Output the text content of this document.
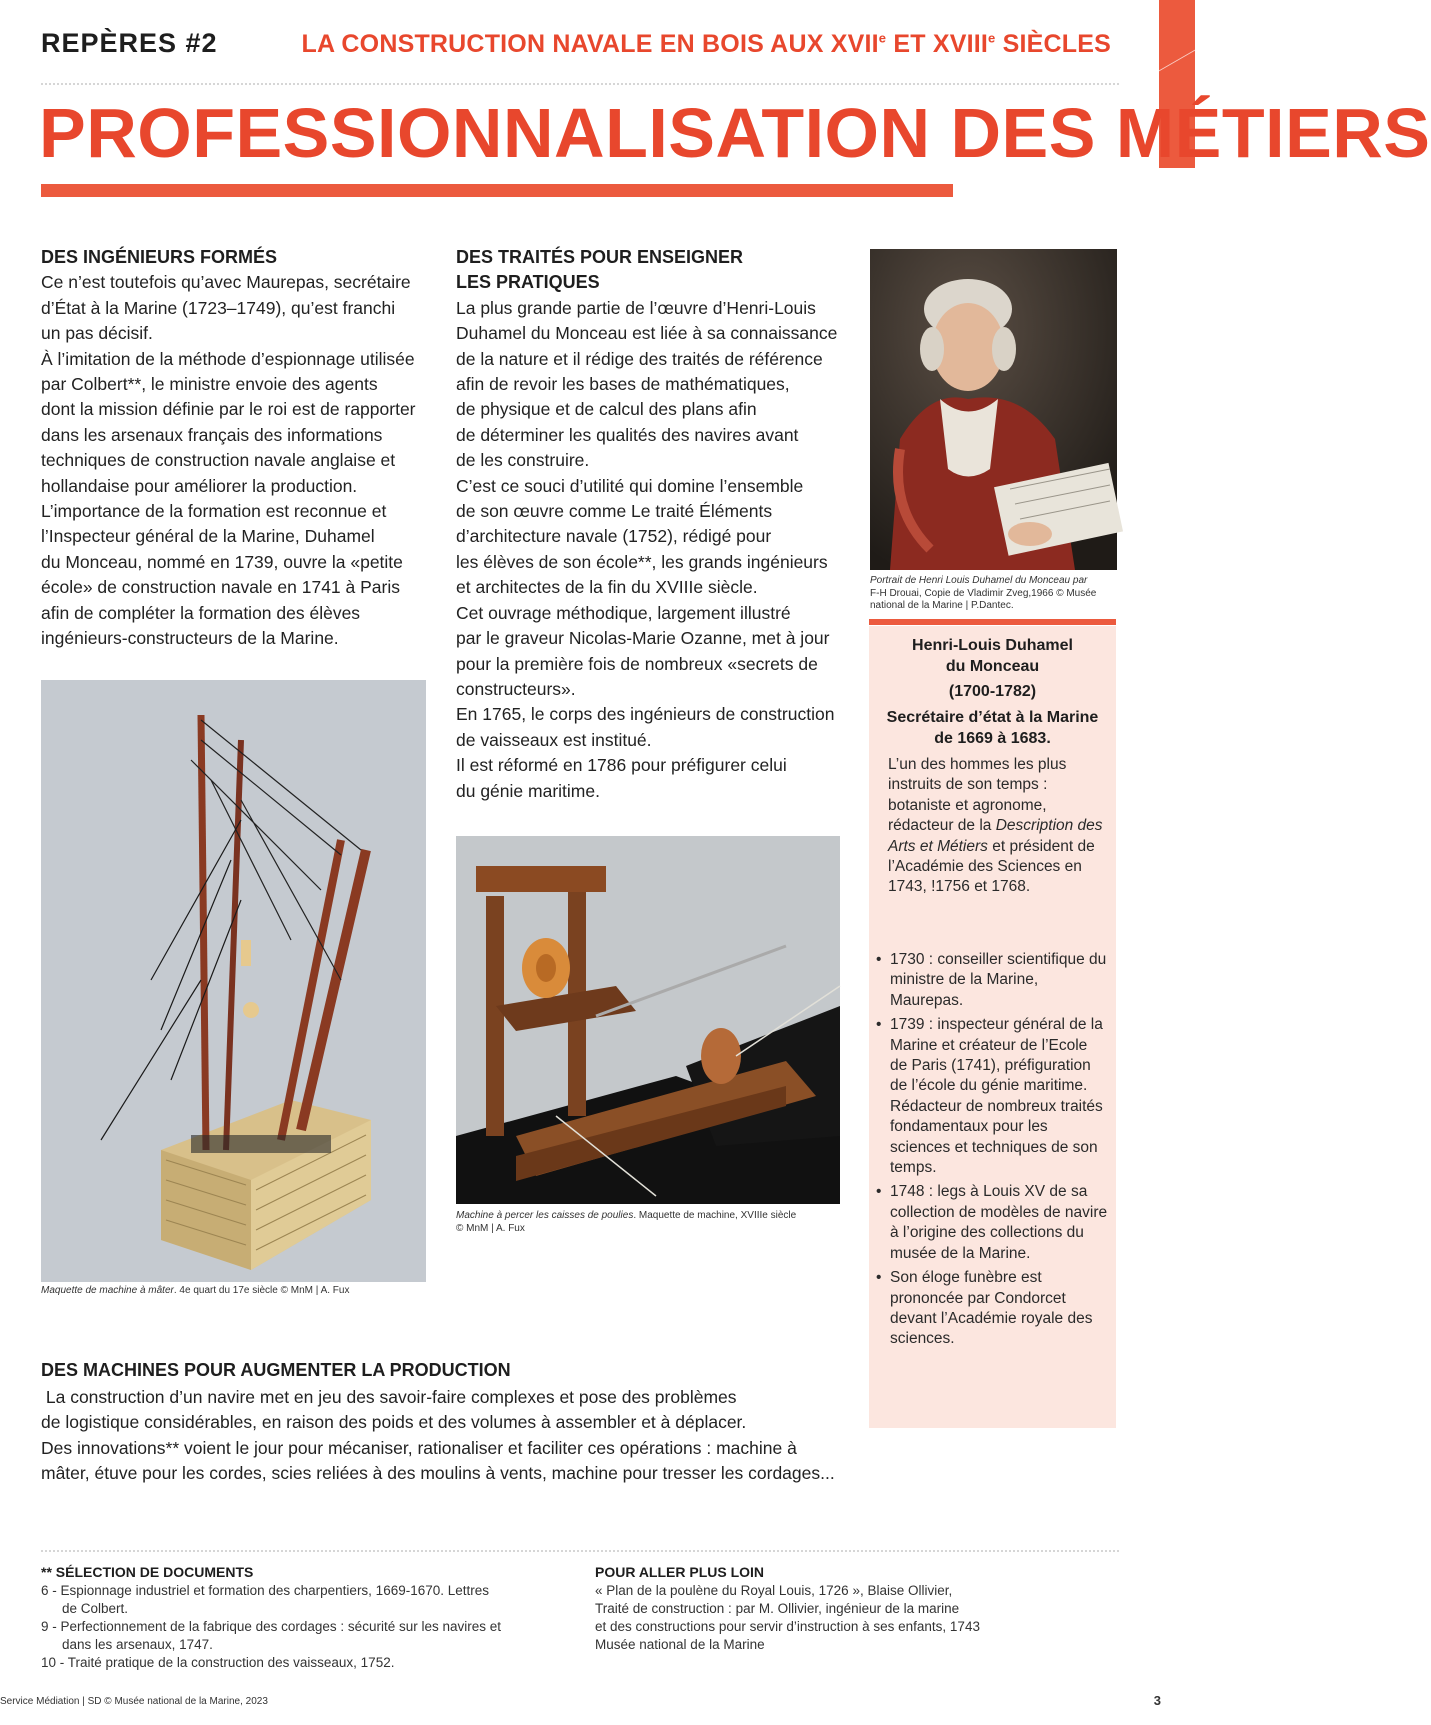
REPÈRES #2	LA CONSTRUCTION NAVALE EN BOIS AUX XVIIe ET XVIIIe SIÈCLES
PROFESSIONNALISATION DES MÉTIERS
DES INGÉNIEURS FORMÉS

Ce n’est toutefois qu’avec Maurepas, secrétaire

d’État à la Marine (1723–1749), qu’est franchi

un pas décisif.

À l’imitation de la méthode d’espionnage utilisée

par Colbert**, le ministre envoie des agents

dont la mission définie par le roi est de rapporter

dans les arsenaux français des informations

techniques de construction navale anglaise et

hollandaise pour améliorer la production.

L’importance de la formation est reconnue et

l’Inspecteur général de la Marine, Duhamel

du Monceau, nommé en 1739, ouvre la «petite

école» de construction navale en 1741 à Paris

afin de compléter la formation des élèves

ingénieurs-constructeurs de la Marine.

DES TRAITÉS POUR ENSEIGNER
LES PRATIQUES

La plus grande partie de l’œuvre d’Henri-Louis

Duhamel du Monceau est liée à sa connaissance

de la nature et il rédige des traités de référence

afin de revoir les bases de mathématiques,

de physique et de calcul des plans afin

de déterminer les qualités des navires avant

de les construire.

C’est ce souci d’utilité qui domine l’ensemble

de son œuvre comme Le traité Éléments

d’architecture navale (1752), rédigé pour

les élèves de son école**, les grands ingénieurs

et architectes de la fin du XVIIIe siècle.

Cet ouvrage méthodique, largement illustré

par le graveur Nicolas-Marie Ozanne, met à jour

pour la première fois de nombreux «secrets de

constructeurs».

En 1765, le corps des ingénieurs de construction

de vaisseaux est institué.

Il est réformé en 1786 pour préfigurer celui

du génie maritime.

Portrait de Henri Louis Duhamel du Monceau par
F-H Drouai, Copie de Vladimir Zveg,1966 © Musée
national de la Marine | P.Dantec.
Henri-Louis Duhamel
du Monceau
(1700-1782)
Secrétaire d’état à la Marine
de 1669 à 1683.
L’un des hommes les plus instruits de son temps : botaniste et agronome, rédacteur de la Description des Arts et Métiers et président de l’Académie des Sciences en 1743, !1756 et 1768.
• 1730 : conseiller scientifique du ministre de la Marine, Maurepas.
• 1739 : inspecteur général de la Marine et créateur de l’Ecole de Paris (1741), préfiguration de l’école du génie maritime. Rédacteur de nombreux traités fondamentaux pour les sciences et techniques de son temps.
• 1748 : legs à Louis XV de sa collection de modèles de navire à l’origine des collections du musée de la Marine.
• Son éloge funèbre est prononcée par Condorcet devant l’Académie royale des sciences.
Machine à percer les caisses de poulies. Maquette de machine, XVIIIe siècle
© MnM | A. Fux
Maquette de machine à mâter. 4e quart du 17e siècle © MnM | A. Fux
DES MACHINES POUR AUGMENTER LA PRODUCTION

La construction d’un navire met en jeu des savoir-faire complexes et pose des problèmes

de logistique considérables, en raison des poids et des volumes à assembler et à déplacer.

Des innovations** voient le jour pour mécaniser, rationaliser et faciliter ces opérations : machine à

mâter, étuve pour les cordes, scies reliées à des moulins à vents, machine pour tresser les cordages...

** SÉLECTION DE DOCUMENTS
6 - Espionnage industriel et formation des charpentiers, 1669-1670. Lettres de Colbert.
9 - Perfectionnement de la fabrique des cordages : sécurité sur les navires et dans les arsenaux, 1747.
10 - Traité pratique de la construction des vaisseaux, 1752.
POUR ALLER PLUS LOIN
« Plan de la poulène du Royal Louis, 1726 », Blaise Ollivier,
Traité de construction : par M. Ollivier, ingénieur de la marine
et des constructions pour servir d’instruction à ses enfants, 1743
Musée national de la Marine
Service Médiation | SD © Musée national de la Marine, 2023	3
